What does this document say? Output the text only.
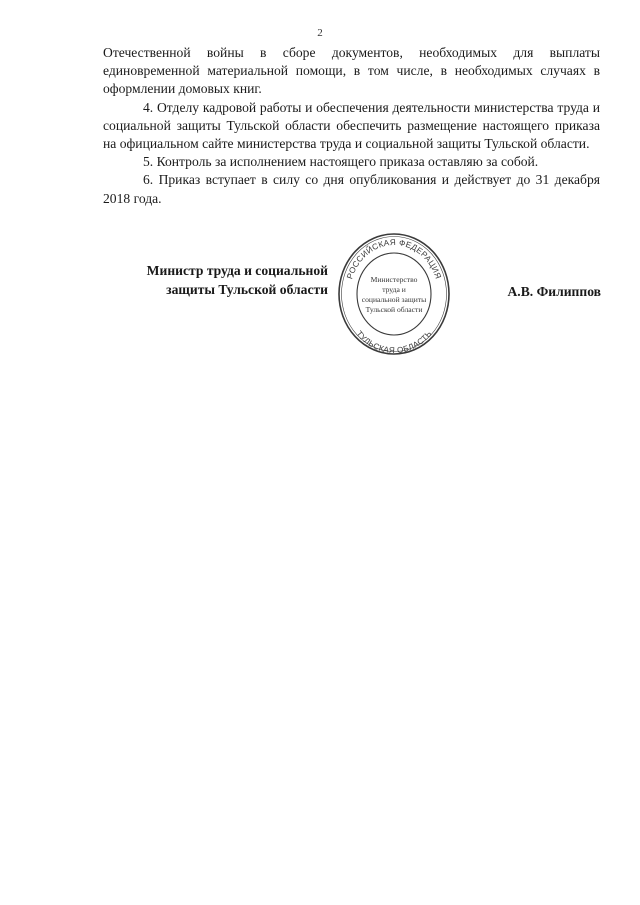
2

Отечественной войны в сборе документов, необходимых для выплаты единовременной материальной помощи, в том числе, в необходимых случаях в оформлении домовых книг.

4. Отделу кадровой работы и обеспечения деятельности министерства труда и социальной защиты Тульской области обеспечить размещение настоящего приказа на официальном сайте министерства труда и социальной защиты Тульской области.

5. Контроль за исполнением настоящего приказа оставляю за собой.

6. Приказ вступает в силу со дня опубликования и действует до 31 декабря 2018 года.

Министр труда и социальной
защиты Тульской области
РОССИЙСКАЯ ФЕДЕРАЦИЯ
ТУЛЬСКАЯ ОБЛАСТЬ
Министерство
труда и
социальной защиты
Тульской области
А.В. Филиппов
